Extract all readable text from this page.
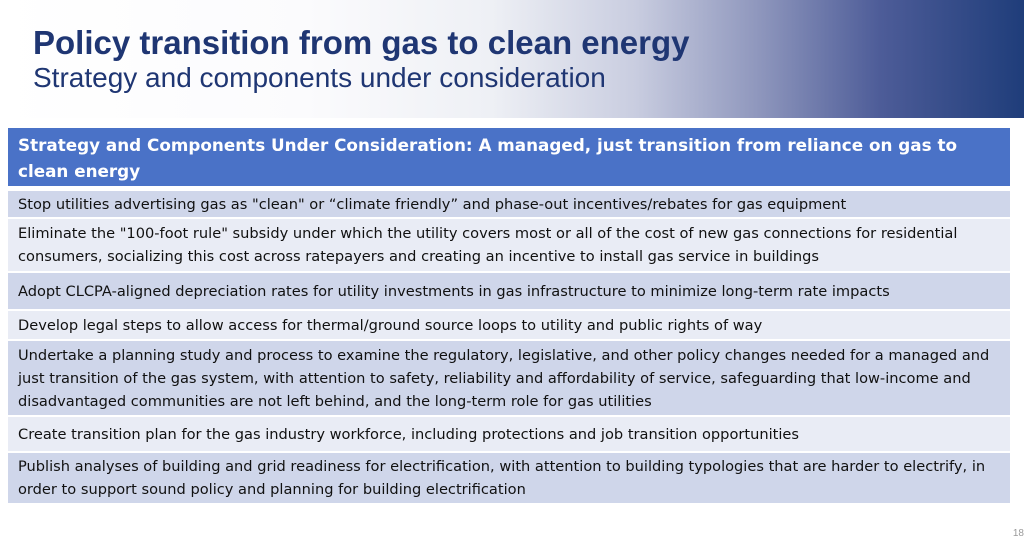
Policy transition from gas to clean energy
Strategy and components under consideration
Strategy and Components Under Consideration: A managed, just transition from reliance on gas to clean energy
Stop utilities advertising gas as "clean" or “climate friendly” and phase-out incentives/rebates for gas equipment
Eliminate the "100-foot rule" subsidy under which the utility covers most or all of the cost of new gas connections for residential consumers, socializing this cost across ratepayers and creating an incentive to install gas service in buildings
Adopt CLCPA-aligned depreciation rates for utility investments in gas infrastructure to minimize long-term rate impacts
Develop legal steps to allow access for thermal/ground source loops to utility and public rights of way
Undertake a planning study and process to examine the regulatory, legislative, and other policy changes needed for a managed and just transition of the gas system, with attention to safety, reliability and affordability of service, safeguarding that low-income and disadvantaged communities are not left behind, and the long-term role for gas utilities
Create transition plan for the gas industry workforce, including protections and job transition opportunities
Publish analyses of building and grid readiness for electrification, with attention to building typologies that are harder to electrify, in order to support sound policy and planning for building electrification
18
